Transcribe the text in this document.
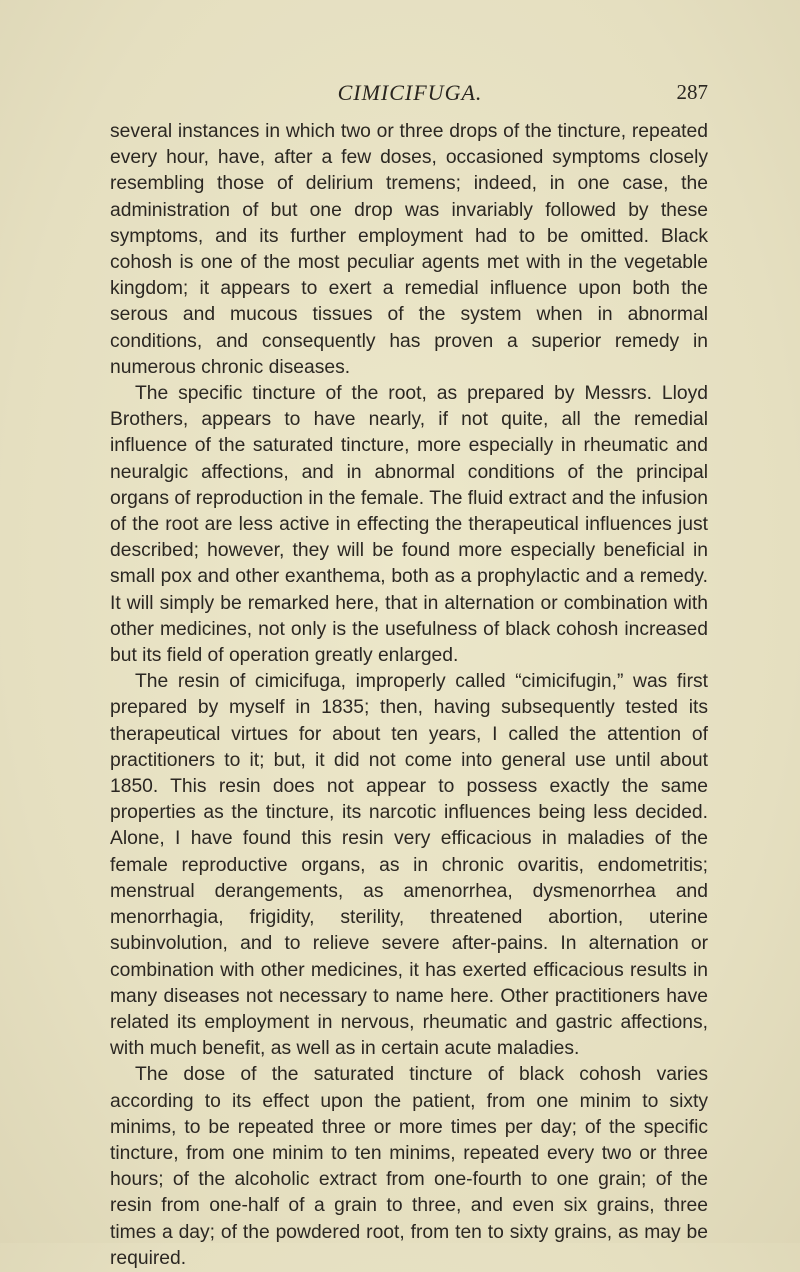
CIMICIFUGA.	287

several instances in which two or three drops of the tincture, repeated every hour, have, after a few doses, occasioned symptoms closely resembling those of delirium tremens; indeed, in one case, the administration of but one drop was invariably followed by these symptoms, and its further employment had to be omitted. Black cohosh is one of the most peculiar agents met with in the vegetable kingdom; it appears to exert a remedial influence upon both the serous and mucous tissues of the system when in abnormal conditions, and consequently has proven a superior remedy in numerous chronic diseases.

The specific tincture of the root, as prepared by Messrs. Lloyd Brothers, appears to have nearly, if not quite, all the remedial influence of the saturated tincture, more especially in rheumatic and neuralgic affections, and in abnormal conditions of the principal organs of reproduction in the female. The fluid extract and the infusion of the root are less active in effecting the therapeutical influences just described; however, they will be found more especially beneficial in small pox and other exanthema, both as a prophylactic and a remedy. It will simply be remarked here, that in alternation or combination with other medicines, not only is the usefulness of black cohosh increased but its field of operation greatly enlarged.

The resin of cimicifuga, improperly called “cimicifugin,” was first prepared by myself in 1835; then, having subsequently tested its therapeutical virtues for about ten years, I called the attention of practitioners to it; but, it did not come into general use until about 1850. This resin does not appear to possess exactly the same properties as the tincture, its narcotic influences being less decided. Alone, I have found this resin very efficacious in maladies of the female reproductive organs, as in chronic ovaritis, endometritis; menstrual derangements, as amenorrhea, dysmenorrhea and menorrhagia, frigidity, sterility, threatened abortion, uterine subinvolution, and to relieve severe after-pains. In alternation or combination with other medicines, it has exerted efficacious results in many diseases not necessary to name here. Other practitioners have related its employment in nervous, rheumatic and gastric affections, with much benefit, as well as in certain acute maladies.

The dose of the saturated tincture of black cohosh varies according to its effect upon the patient, from one minim to sixty minims, to be repeated three or more times per day; of the specific tincture, from one minim to ten minims, repeated every two or three hours; of the alcoholic extract from one-fourth to one grain; of the resin from one-half of a grain to three, and even six grains, three times a day; of the powdered root, from ten to sixty grains, as may be required.
